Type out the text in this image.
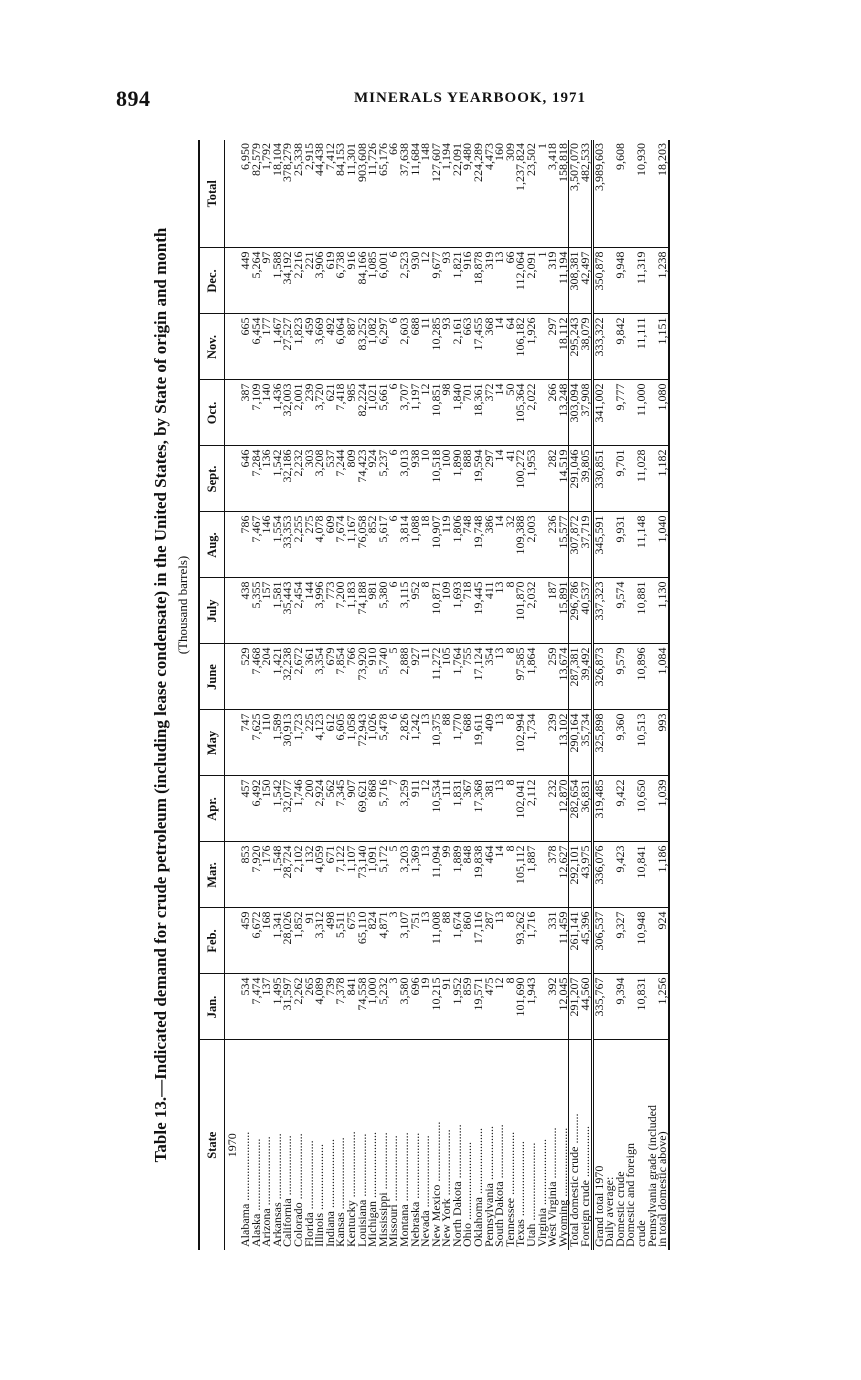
894	MINERALS YEARBOOK, 1971
Table 13.—Indicated demand for crude petroleum (including lease condensate) in the United States, by State of origin and month (Thousand barrels)
State	Jan.	Feb.	Mar.	Apr.	May	June	July	Aug.	Sept.	Oct.	Nov.	Dec.	Total
1970													
Alabama .......................	534	459	853	457	747	529	438	786	646	387	665	449	6,950
Alaska ........................	7,474	6,672	7,920	6,492	7,625	7,468	5,355	7,467	7,284	7,109	6,454	5,264	82,579
Arizona .......................	137	168	176	150	110	204	157	146	136	140	177	97	1,792
Arkansas ......................	1,495	1,341	1,548	1,542	1,589	1,421	1,581	1,554	1,542	1,436	1,467	1,588	18,104
California ....................	31,597	28,026	28,724	32,077	30,913	32,238	35,443	33,353	32,186	32,003	27,527	34,192	378,279
Colorado ......................	2,262	1,852	2,102	1,746	1,723	2,672	2,454	2,255	2,232	2,001	1,823	2,216	25,338
Florida .......................	265	91	132	200	225	361	144	275	303	239	459	221	2,915
Illinois ......................	4,089	3,312	4,059	2,924	4,123	3,354	3,996	4,078	3,208	3,720	3,669	3,906	44,438
Indiana .......................	739	498	671	562	612	679	773	609	537	621	492	619	7,412
Kansas ........................	7,378	5,511	7,122	7,345	6,605	7,854	7,200	7,674	7,244	7,418	6,064	6,738	84,153
Kentucky ......................	841	675	1,107	907	1,058	766	1,183	1,167	809	985	887	916	11,301
Louisiana .....................	74,558	65,110	73,140	69,621	72,943	73,920	74,188	76,058	74,423	82,224	83,252	84,166	903,608
Michigan ......................	1,000	824	1,091	868	1,026	910	981	852	924	1,021	1,082	1,085	11,726
Mississippi ...................	5,232	4,871	5,172	5,716	5,478	5,740	5,380	5,617	5,237	5,661	6,297	6,001	65,176
Missouri ......................	3	3	5	7	6	5	6	6	6	6	6	6	66
Montana .......................	3,580	3,107	3,203	3,259	2,826	2,888	3,115	3,814	3,013	3,707	2,603	2,523	37,638
Nebraska ......................	696	751	1,369	911	1,242	927	952	1,088	938	1,197	688	930	11,684
Nevada ........................	19	13	13	12	13	11	8	18	10	12	11	12	148
New Mexico ....................	10,215	11,008	11,094	10,534	10,375	11,272	10,871	10,907	10,518	10,851	10,285	9,677	127,607
New York ......................	91	88	99	111	88	105	109	119	100	98	93	93	1,194
North Dakota ..................	1,952	1,674	1,889	1,831	1,770	1,764	1,693	1,806	1,890	1,840	2,161	1,821	22,091
Ohio ..........................	859	860	848	367	688	755	718	748	888	701	663	916	9,480
Oklahoma ......................	19,571	17,116	19,838	17,368	19,611	17,124	19,445	19,748	19,594	18,361	17,455	18,878	224,289
Pennsylvania ..................	475	287	464	381	409	354	411	386	297	372	368	319	4,473
South Dakota ..................	12	13	14	13	13	13	13	14	14	14	14	13	160
Tennessee .....................	8	8	8	8	8	8	8	32	41	50	64	66	309
Texas .........................	101,690	93,262	105,112	102,041	102,994	97,585	101,870	109,388	100,272	105,364	106,182	112,064	1,237,824
Utah ..........................	1,943	1,716	1,887	2,112	1,734	1,864	2,032	2,003	1,953	2,022	1,926	2,091	23,502
Virginia ......................												1	1
West Virginia .................	392	331	378	232	239	259	187	236	282	266	297	319	3,418
Wyoming .......................	12,045	11,459	12,627	12,870	13,102	13,674	15,891	15,577	14,519	13,248	18,112	11,194	158,818
Total domestic crude ..........	291,207	261,141	292,101	282,654	290,164	287,381	296,786	307,872	291,046	303,094	295,243	308,381	3,507,070
Foreign crude .................	44,560	45,396	43,975	36,831	35,734	39,492	40,537	37,719	39,805	37,908	38,079	42,497	482,533
Grand total 1970	335,767	306,537	336,076	319,485	325,898	326,873	337,323	345,591	330,851	341,002	333,322	350,878	3,989,603
Daily average:													
Domestic crude	9,394	9,327	9,423	9,422	9,360	9,579	9,574	9,931	9,701	9,777	9,842	9,948	9,608
Domestic and foreign													
crude	10,831	10,948	10,841	10,650	10,513	10,896	10,881	11,148	11,028	11,000	11,111	11,319	10,930
Pennsylvania grade (included													
in total domestic above)	1,256	924	1,186	1,039	993	1,084	1,130	1,040	1,182	1,080	1,151	1,238	18,203
